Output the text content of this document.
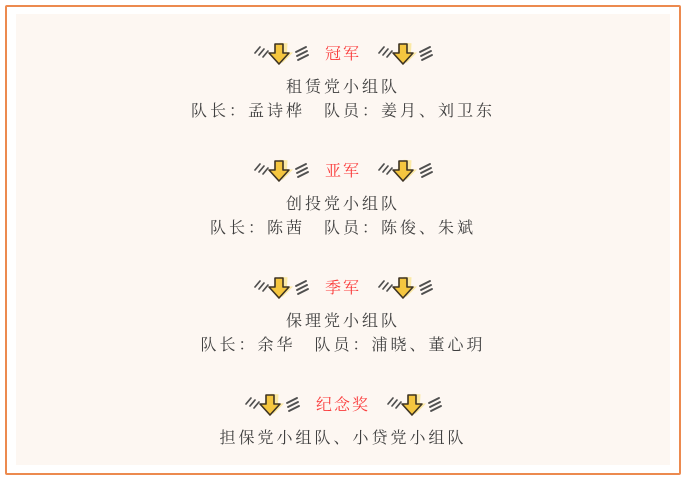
冠军
租赁党小组队
队长：孟诗桦　队员：姜月、刘卫东
亚军
创投党小组队
队长：陈茜　队员：陈俊、朱斌
季军
保理党小组队
队长：余华　队员：浦晓、董心玥
纪念奖
担保党小组队、小贷党小组队
